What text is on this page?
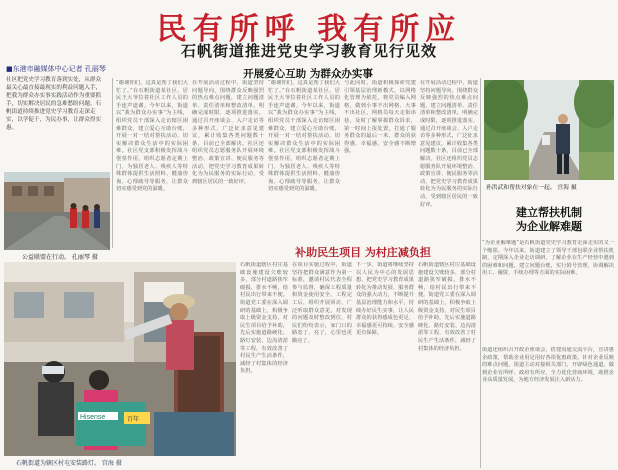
民有所呼 我有所应
石帆街道推进党史学习教育见行见效
■东港市融媒体中心记者 孔丽琴
社区把党史学习教育落到实处，从群众最关心最直接最现实的利益问题入手，把我为群众办实事实践活动作为重要抓手，切实解决居民的急难愁盼问题。石帆街道持续推进党史学习教育走深走实，以学促干，为民办事，让群众得实惠。
公益联盟在行动。 孔丽琴 摄
开展爱心互助 为群众办实事
“谢谢你们，这真是帮了我们大忙了。”在石帆街道某社区，居民王大爷拉着社区工作人员的手连声道谢。今年以来，街道以“我为群众办实事”为主线，组织党员干部深入走访辖区困难群众，建立爱心互助台账，开展一对一结对帮扶活动，切实解决群众生活中的实际困难。社区党支部积极发挥战斗堡垒作用，组织志愿者定期上门，为独居老人、残疾人等特殊群体提供生活照料、健康咨询、心理疏导等服务，让群众切实感受到党的温暖。
在开展活动过程中，街道坚持问题导向，围绕群众反映强烈的热点难点问题，建立问题清单、责任清单和整改清单，明确完成时限，逐项推进落实。通过召开座谈会、入户走访等多种形式，广泛征求意见建议，累计收集各类问题数十条，目前已全部解决。社区还组织党员志愿服务队开展环境整治、政策宣讲、便民服务等活动，把党史学习教育成果转化为为民服务的实际行动，受到辖区居民的一致好评。
“谢谢你们，这真是帮了我们大忙了。”在石帆街道某社区，居民王大爷拉着社区工作人员的手连声道谢。今年以来，街道以“我为群众办实事”为主线，组织党员干部深入走访辖区困难群众，建立爱心互助台账，开展一对一结对帮扶活动，切实解决群众生活中的实际困难。社区党支部积极发挥战斗堡垒作用，组织志愿者定期上门，为独居老人、残疾人等特殊群体提供生活照料、健康咨询、心理疏导等服务，让群众切实感受到党的温暖。
与此同时，街道积极探索党建引领基层治理新模式，以网格化管理为依托，将党员编入网格，做到小事不出网格、大事不出社区。网格员每天走街串巷，及时了解掌握群众诉求，第一时间上报处置，打通了服务群众的最后一米，群众的获得感、幸福感、安全感不断增强。
在开展活动过程中，街道坚持问题导向，围绕群众反映强烈的热点难点问题，建立问题清单、责任清单和整改清单，明确完成时限，逐项推进落实。通过召开座谈会、入户走访等多种形式，广泛征求意见建议，累计收集各类问题数十条，目前已全部解决。社区还组织党员志愿服务队开展环境整治、政策宣讲、便民服务等活动，把党史学习教育成果转化为为民服务的实际行动，受到辖区居民的一致好评。
孙洪武和帮扶对象在一起。 宫海 摄
建立帮扶机制
为企业解难题
“为企业解难题”是石帆街道党史学习教育走深走实的又一个缩影。今年以来，街道建立了领导干部包联企业帮扶机制，定期深入企业走访调研，了解企业在生产经营中遇到的困难和问题，建立问题台账，实行销号管理，协调解决用工、融资、手续办理等方面的实际困难。
街道还组织召开政企座谈会，搭建沟通交流平台，宣讲惠企政策，帮助企业用足用好各项优惠政策。针对企业反映的难点问题，街道主动对接相关部门，开辟绿色通道，做到企业有所呼、政府有所应，全力优化营商环境，助推企业高质量发展，为地方经济发展注入新活力。
补助民生项目 为村庄减负担
Hisense	百年
石帆街道为辖区村屯安装路灯。 宫海 摄
石帆街道辖区村庄基础设施建设欠账较多，部分村道路狭窄破损、排水不畅，给村民出行带来不便。街道党工委在深入调研的基础上，积极争取上级资金支持，对民生项目给予补助，先后实施道路硬化、路灯安装、边沟清淤等工程，有效改善了村民生产生活条件，减轻了村集体的经济负担。
在项目实施过程中，街道坚持把群众满意作为第一标准，邀请村民代表全程参与监督，确保工程质量和资金使用安全。工程完工后，组织开展回访，广泛听取群众意见，对发现的问题及时整改到位。村民们纷纷表示，家门口的路宽了、亮了，心里也更敞亮了。
下一步，街道将继续坚持以人民为中心的发展思想，把党史学习教育成果转化为推动发展、服务群众的强大动力，不断提升基层治理能力和水平，持续办好民生实事，让人民群众的获得感成色更足、幸福感更可持续、安全感更有保障。
石帆街道辖区村庄基础设施建设欠账较多，部分村道路狭窄破损、排水不畅，给村民出行带来不便。街道党工委在深入调研的基础上，积极争取上级资金支持，对民生项目给予补助，先后实施道路硬化、路灯安装、边沟清淤等工程，有效改善了村民生产生活条件，减轻了村集体的经济负担。
